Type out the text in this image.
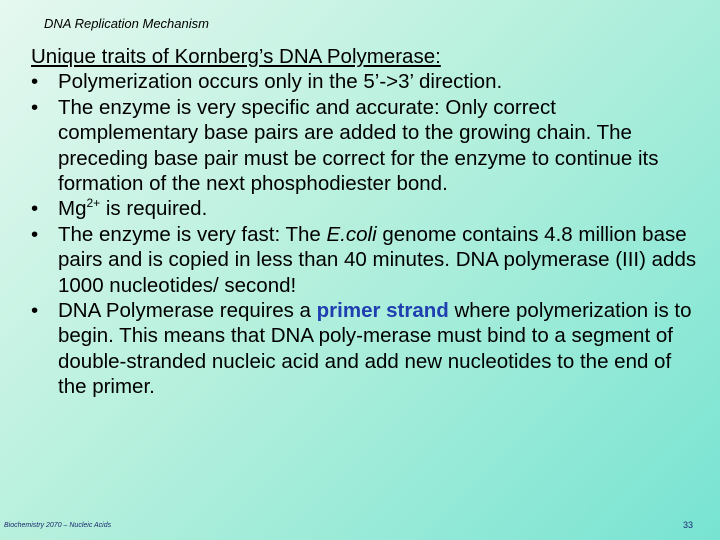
DNA Replication Mechanism
Unique traits of Kornberg’s DNA Polymerase:
• Polymerization occurs only in the 5’->3’ direction.
• The enzyme is very specific and accurate: Only correct complementary base pairs are added to the growing chain. The preceding base pair must be correct for the enzyme to continue its formation of the next phosphodiester bond.
• $Mg^{2+}$ is required.
• The enzyme is very fast: The E.coli genome contains 4.8 million base pairs and is copied in less than 40 minutes. DNA polymerase (III) adds 1000 nucleotides/ second!
• DNA Polymerase requires a primer strand where polymerization is to begin. This means that DNA poly-merase must bind to a segment of double-stranded nucleic acid and add new nucleotides to the end of the primer.
Biochemistry 2070 – Nucleic Acids	33
